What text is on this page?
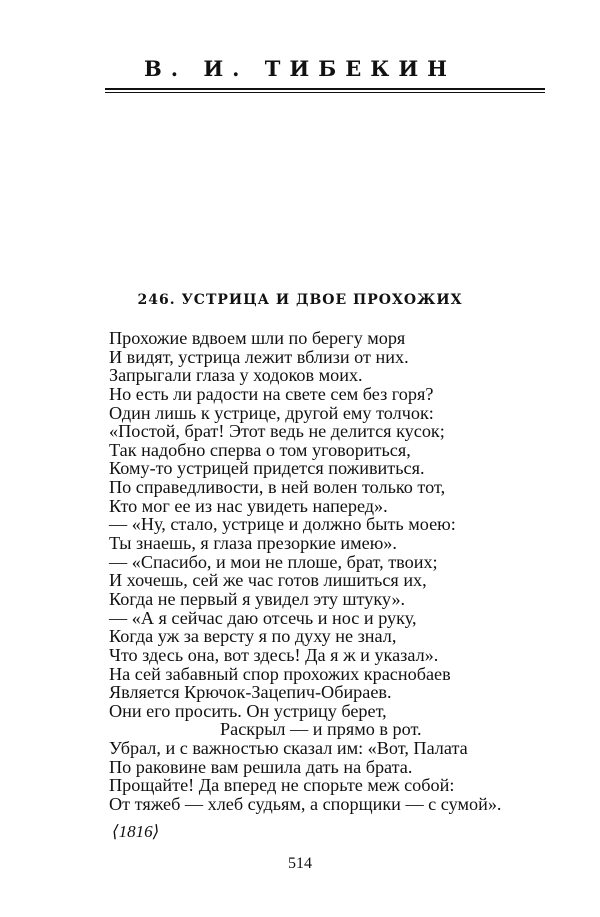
В. И. ТИБЕКИН
246. УСТРИЦА И ДВОЕ ПРОХОЖИХ
Прохожие вдвоем шли по берегу моря
И видят, устрица лежит вблизи от них.
Запрыгали глаза у ходоков моих.
Но есть ли радости на свете сем без горя?
Один лишь к устрице, другой ему толчок:
«Постой, брат! Этот ведь не делится кусок;
Так надобно сперва о том уговориться,
Кому-то устрицей придется поживиться.
По справедливости, в ней волен только тот,
Кто мог ее из нас увидеть наперед».
— «Ну, стало, устрице и должно быть моею:
Ты знаешь, я глаза презоркие имею».
— «Спасибо, и мои не плоше, брат, твоих;
И хочешь, сей же час готов лишиться их,
Когда не первый я увидел эту штуку».
— «А я сейчас даю отсечь и нос и руку,
Когда уж за версту я по духу не знал,
Что здесь она, вот здесь! Да я ж и указал».
На сей забавный спор прохожих краснобаев
Является Крючок-Зацепич-Обираев.
Они его просить. Он устрицу берет,
Раскрыл — и прямо в рот.
Убрал, и с важностью сказал им: «Вот, Палата
По раковине вам решила дать на брата.
Прощайте! Да вперед не спорьте меж собой:
От тяжеб — хлеб судьям, а спорщики — с сумой».
⟨1816⟩
514
